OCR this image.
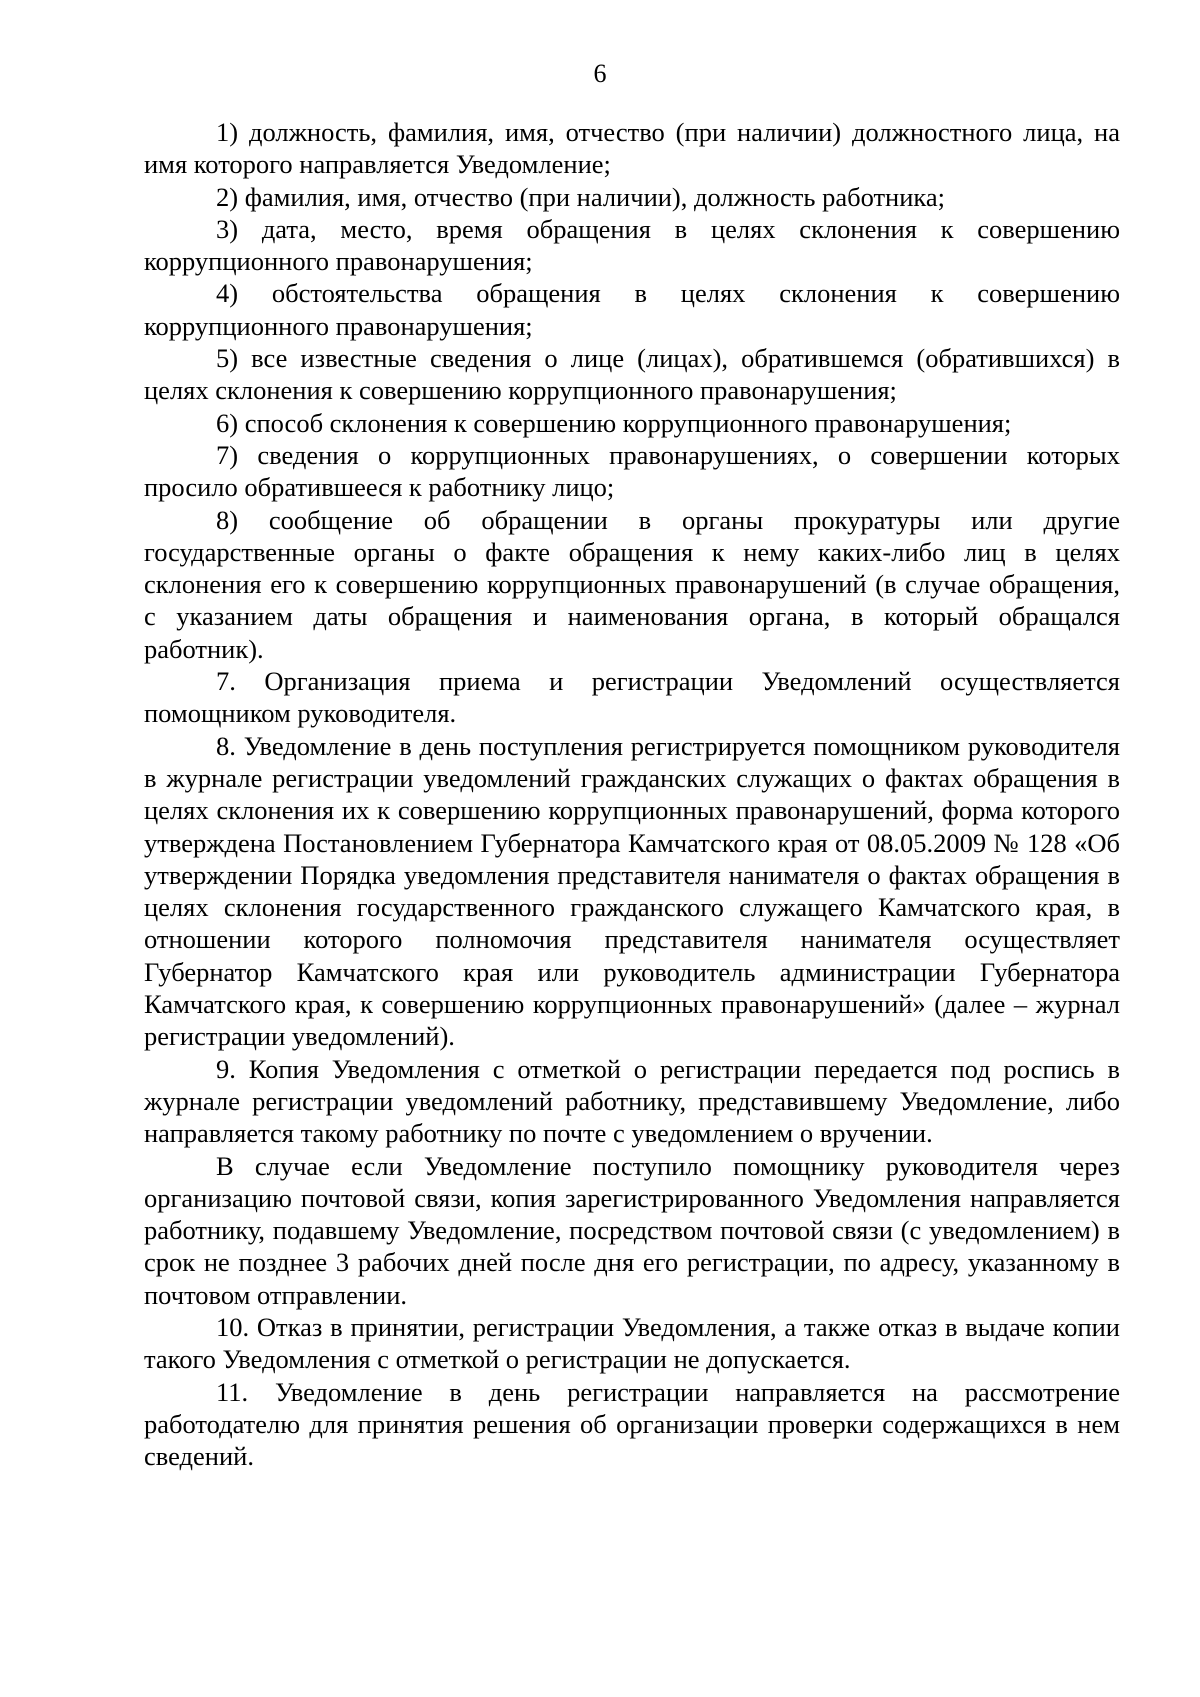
6

1) должность, фамилия, имя, отчество (при наличии) должностного лица, на имя которого направляется Уведомление;

2) фамилия, имя, отчество (при наличии), должность работника;

3) дата, место, время обращения в целях склонения к совершению коррупционного правонарушения;

4) обстоятельства обращения в целях склонения к совершению коррупционного правонарушения;

5) все известные сведения о лице (лицах), обратившемся (обратившихся) в целях склонения к совершению коррупционного правонарушения;

6) способ склонения к совершению коррупционного правонарушения;

7) сведения о коррупционных правонарушениях, о совершении которых просило обратившееся к работнику лицо;

8) сообщение об обращении в органы прокуратуры или другие государственные органы о факте обращения к нему каких-либо лиц в целях склонения его к совершению коррупционных правонарушений (в случае обращения, с указанием даты обращения и наименования органа, в который обращался работник).

7. Организация приема и регистрации Уведомлений осуществляется помощником руководителя.

8. Уведомление в день поступления регистрируется помощником руководителя в журнале регистрации уведомлений гражданских служащих о фактах обращения в целях склонения их к совершению коррупционных правонарушений, форма которого утверждена Постановлением Губернатора Камчатского края от 08.05.2009 № 128 «Об утверждении Порядка уведомления представителя нанимателя о фактах обращения в целях склонения государственного гражданского служащего Камчатского края, в отношении которого полномочия представителя нанимателя осуществляет Губернатор Камчатского края или руководитель администрации Губернатора Камчатского края, к совершению коррупционных правонарушений» (далее – журнал регистрации уведомлений).

9. Копия Уведомления с отметкой о регистрации передается под роспись в журнале регистрации уведомлений работнику, представившему Уведомление, либо направляется такому работнику по почте с уведомлением о вручении.

В случае если Уведомление поступило помощнику руководителя через организацию почтовой связи, копия зарегистрированного Уведомления направляется работнику, подавшему Уведомление, посредством почтовой связи (с уведомлением) в срок не позднее 3 рабочих дней после дня его регистрации, по адресу, указанному в почтовом отправлении.

10. Отказ в принятии, регистрации Уведомления, а также отказ в выдаче копии такого Уведомления с отметкой о регистрации не допускается.

11. Уведомление в день регистрации направляется на рассмотрение работодателю для принятия решения об организации проверки содержащихся в нем сведений.
